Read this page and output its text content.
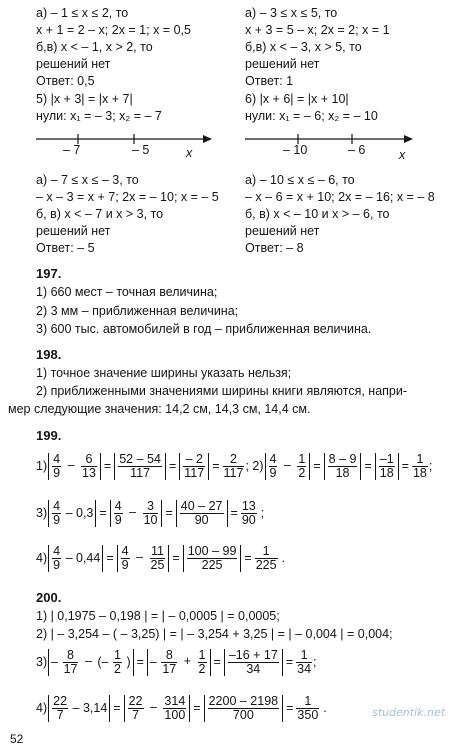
а) – 1 ≤ x ≤ 2, то
x + 1 = 2 – x; 2x = 1; x = 0,5
б,в) x < – 1, x > 2, то
решений нет
Ответ: 0,5
5) |x + 3| = |x + 7|
нули: x₁ = – 3; x₂ = – 7
а) – 3 ≤ x ≤ 5, то
x + 3 = 5 – x; 2x = 2; x = 1
б,в) x < – 3, x > 5, то
решений нет
Ответ: 1
6) |x + 6| = |x + 10|
нули: x₁ = – 6; x₂ = – 10
– 7	– 5	x	– 10	– 6	x
а) – 7 ≤ x ≤ – 3, то
– x – 3 = x + 7; 2x = – 10; x = – 5
б, в) x < – 7 и x > 3, то
решений нет
Ответ: – 5
а) – 10 ≤ x ≤ – 6, то
– x – 6 = x + 10; 2x = – 16; x = – 8
б, в) x < – 10 и x > – 6, то
решений нет
Ответ: – 8
197.
1) 660 мест – точная величина;
2) 3 мм – приближенная величина;
3) 600 тыс. автомобилей в год – приближенная величина.
198.
1) точное значение ширины указать нельзя;
2) приближенными значениями ширины книги являются, напри-
мер следующие значения: 14,2 см, 14,3 см, 14,4 см.
199.
$1) \frac{4}{9} - \frac{6}{13} = \frac{52 - 54}{117} = \frac{- 2}{117} = \frac{2}{117}$ ; $2) \frac{4}{9} - \frac{1}{2} = \frac{8 - 9}{18} = \frac{-1}{18} = \frac{1}{18}$ ;
$3) \frac{4}{9} - 0,3 = \frac{4}{9} - \frac{3}{10} = \frac{40 - 27}{90} = \frac{13}{90}$ ;
$4) \frac{4}{9} - 0,44 = \frac{4}{9} - \frac{11}{25} = \frac{100 - 99}{225} = \frac{1}{225}$ .
200.
1) | 0,1975 – 0,198 | = | – 0,0005 | = 0,0005;
2) | – 3,254 – ( – 3,25) | = | – 3,254 + 3,25 | = | – 0,004 | = 0,004;
$3) - \frac{8}{17}$ – (– $\frac{1}{2}$ ) = – $\frac{8}{17} + \frac{1}{2} = \frac{-16 + 17}{34} = \frac{1}{34}$ ;
$4) \frac{22}{7} - 3,14 = \frac{22}{7} - \frac{314}{100} = \frac{2200 - 2198}{700} = \frac{1}{350}$ .	studentik.net
52
